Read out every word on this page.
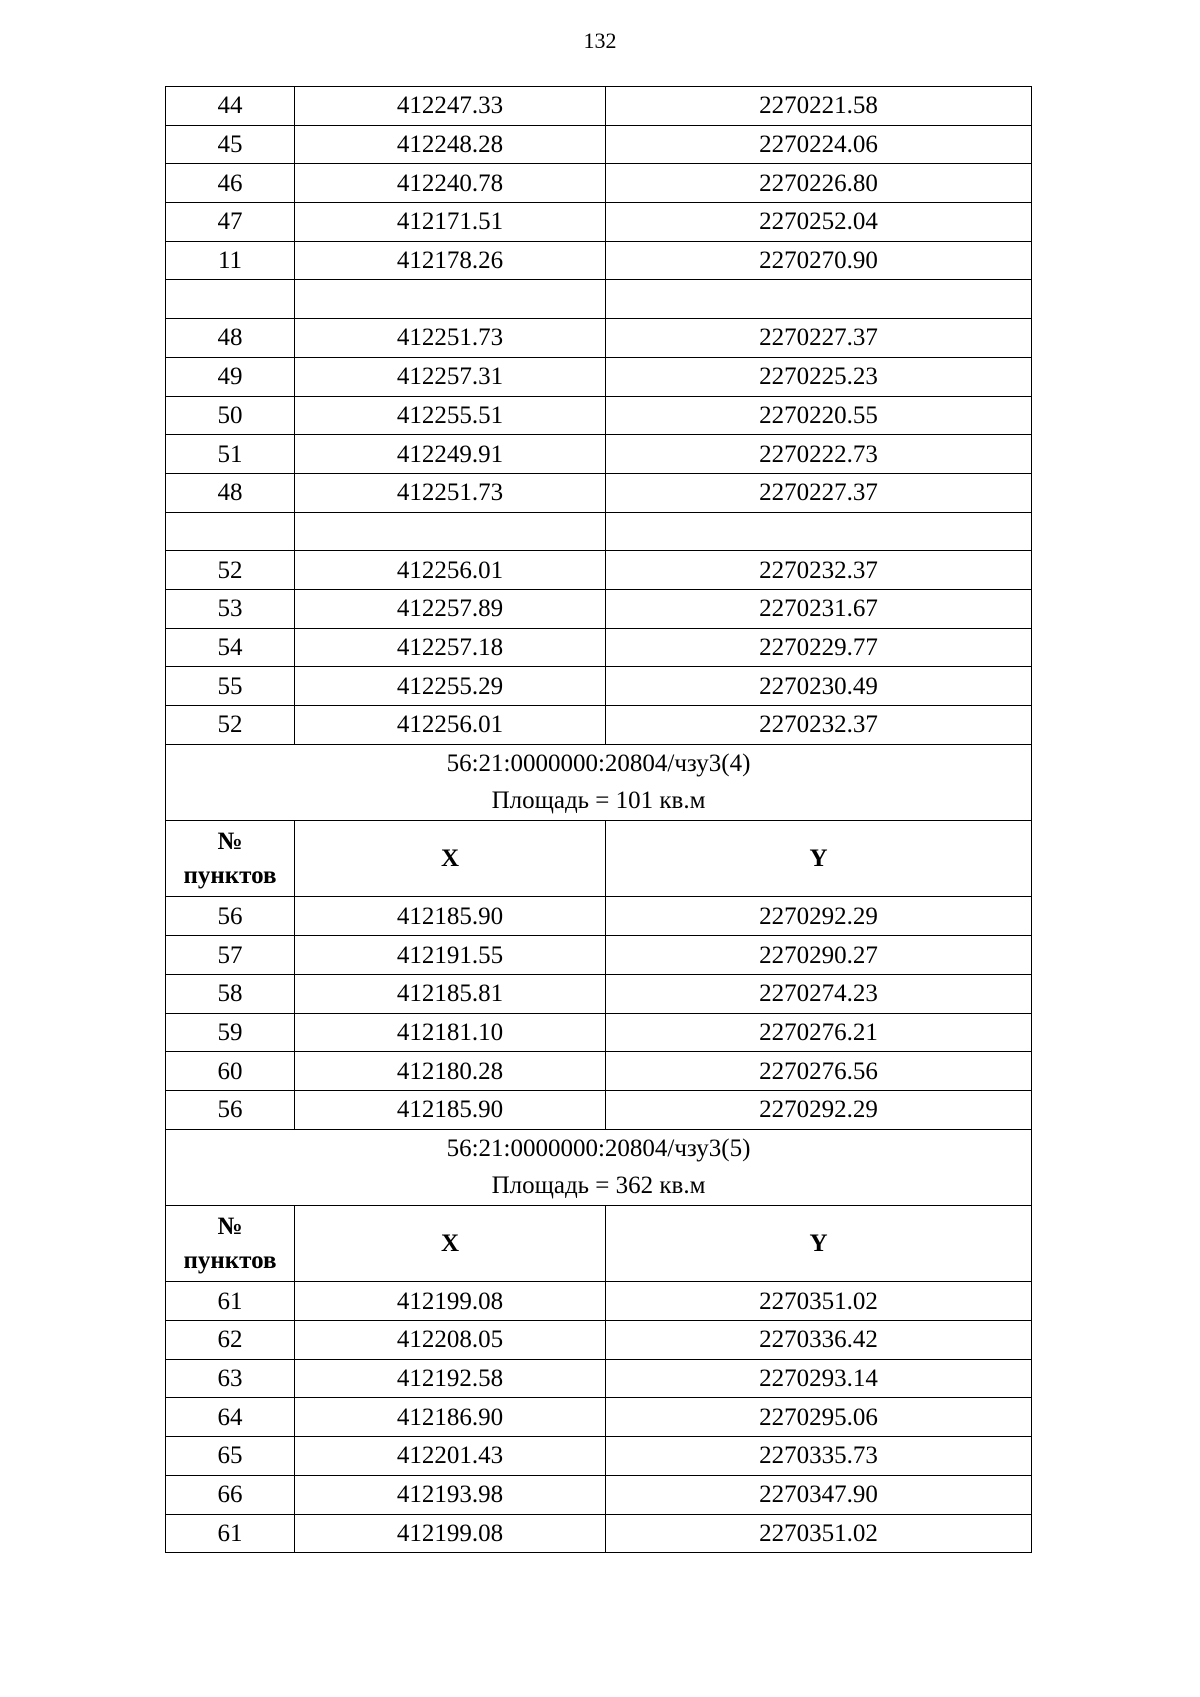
132
44	412247.33	2270221.58
45	412248.28	2270224.06
46	412240.78	2270226.80
47	412171.51	2270252.04
11	412178.26	2270270.90

48	412251.73	2270227.37
49	412257.31	2270225.23
50	412255.51	2270220.55
51	412249.91	2270222.73
48	412251.73	2270227.37

52	412256.01	2270232.37
53	412257.89	2270231.67
54	412257.18	2270229.77
55	412255.29	2270230.49
52	412256.01	2270232.37

56:21:0000000:20804/чзу3(4)
Площадь = 101 кв.м		

№
пунктов	X	Y
56	412185.90	2270292.29
57	412191.55	2270290.27
58	412185.81	2270274.23
59	412181.10	2270276.21
60	412180.28	2270276.56
56	412185.90	2270292.29

56:21:0000000:20804/чзу3(5)
Площадь = 362 кв.м		

№
пунктов	X	Y
61	412199.08	2270351.02
62	412208.05	2270336.42
63	412192.58	2270293.14
64	412186.90	2270295.06
65	412201.43	2270335.73
66	412193.98	2270347.90
61	412199.08	2270351.02
